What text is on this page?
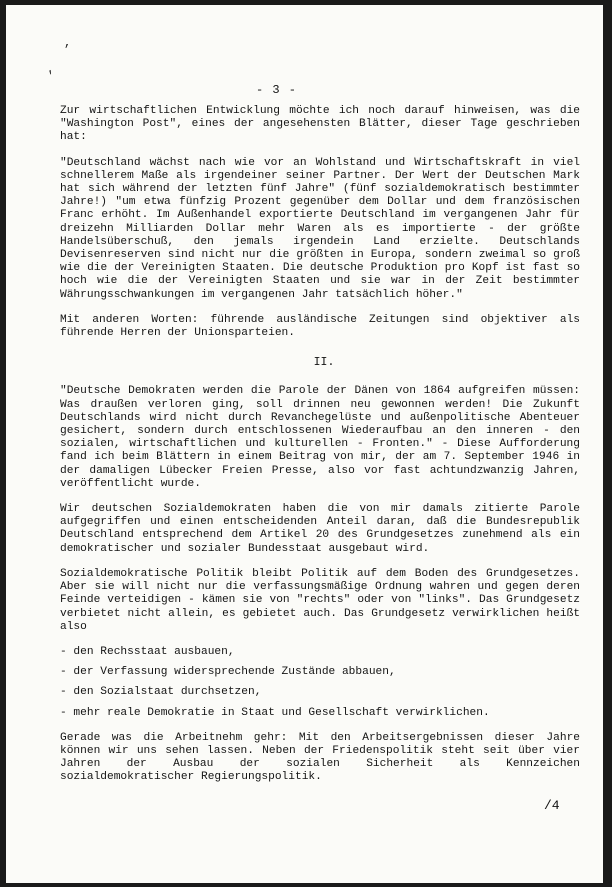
,
,
- 3 -

Zur wirtschaftlichen Entwicklung möchte ich noch darauf hinweisen, was die "Washington Post", eines der angesehensten Blätter, dieser Tage geschrieben hat:

"Deutschland wächst nach wie vor an Wohlstand und Wirtschaftskraft in viel schnellerem Maße als irgendeiner seiner Partner. Der Wert der Deutschen Mark hat sich während der letzten fünf Jahre" (fünf sozialdemokratisch bestimmter Jahre!) "um etwa fünfzig Prozent gegenüber dem Dollar und dem französischen Franc erhöht. Im Außenhandel exportierte Deutschland im vergangenen Jahr für dreizehn Milliarden Dollar mehr Waren als es importierte - der größte Handelsüberschuß, den jemals irgendein Land erzielte. Deutschlands Devisenreserven sind nicht nur die größten in Europa, sondern zweimal so groß wie die der Vereinigten Staaten. Die deutsche Produktion pro Kopf ist fast so hoch wie die der Vereinigten Staaten und sie war in der Zeit bestimmter Währungsschwankungen im vergangenen Jahr tatsächlich höher."

Mit anderen Worten: führende ausländische Zeitungen sind objektiver als führende Herren der Unionsparteien.

II.

"Deutsche Demokraten werden die Parole der Dänen von 1864 aufgreifen müssen: Was draußen verloren ging, soll drinnen neu gewonnen werden! Die Zukunft Deutschlands wird nicht durch Revanchegelüste und außenpolitische Abenteuer gesichert, sondern durch entschlossenen Wiederaufbau an den inneren - den sozialen, wirtschaftlichen und kulturellen - Fronten." - Diese Aufforderung fand ich beim Blättern in einem Beitrag von mir, der am 7. September 1946 in der damaligen Lübecker Freien Presse, also vor fast achtundzwanzig Jahren, veröffentlicht wurde.

Wir deutschen Sozialdemokraten haben die von mir damals zitierte Parole aufgegriffen und einen entscheidenden Anteil daran, daß die Bundesrepublik Deutschland entsprechend dem Artikel 20 des Grundgesetzes zunehmend als ein demokratischer und sozialer Bundesstaat ausgebaut wird.

Sozialdemokratische Politik bleibt Politik auf dem Boden des Grundgesetzes. Aber sie will nicht nur die verfassungsmäßige Ordnung wahren und gegen deren Feinde verteidigen - kämen sie von "rechts" oder von "links". Das Grundgesetz verbietet nicht allein, es gebietet auch. Das Grundgesetz verwirklichen heißt also

- den Rechsstaat ausbauen,
- der Verfassung widersprechende Zustände abbauen,
- den Sozialstaat durchsetzen,
- mehr reale Demokratie in Staat und Gesellschaft verwirklichen.

Gerade was die Arbeitnehm gehr: Mit den Arbeitsergebnissen dieser Jahre können wir uns sehen lassen. Neben der Friedenspolitik steht seit über vier Jahren der Ausbau der sozialen Sicherheit als Kennzeichen sozialdemokratischer Regierungspolitik.

/4
